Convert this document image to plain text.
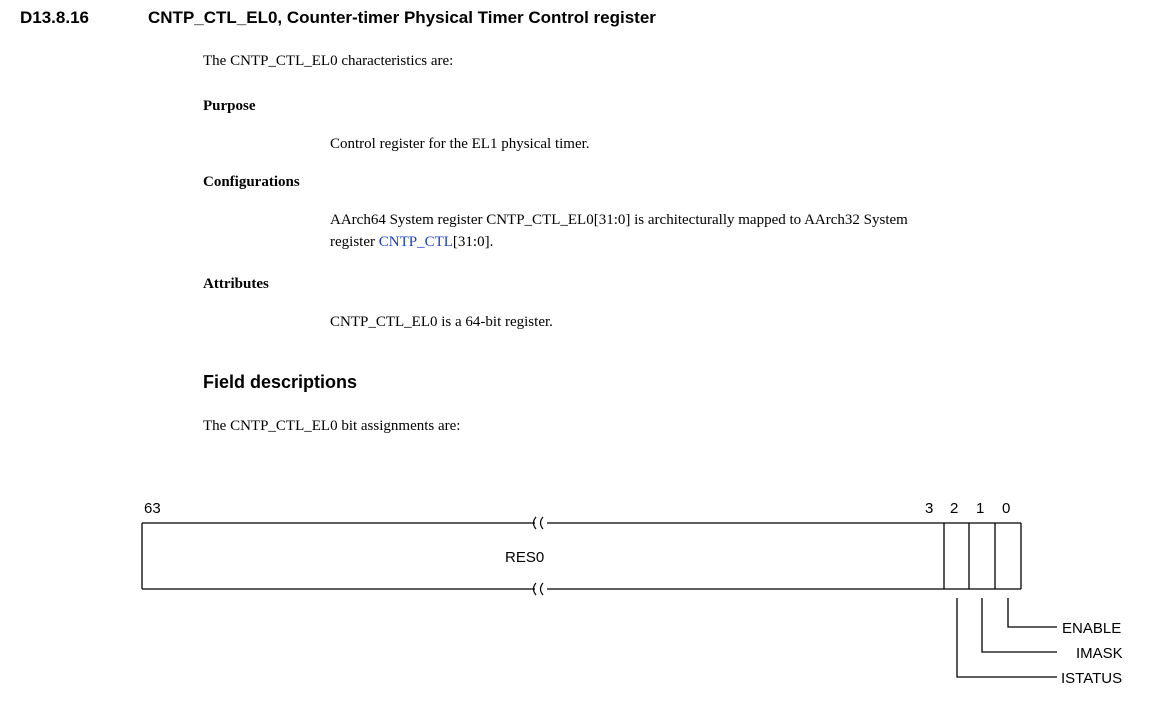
D13.8.16	CNTP_CTL_EL0, Counter-timer Physical Timer Control register
The CNTP_CTL_EL0 characteristics are:
Purpose
Control register for the EL1 physical timer.
Configurations
AArch64 System register CNTP_CTL_EL0[31:0] is architecturally mapped to AArch32 System
register CNTP_CTL[31:0].
Attributes
CNTP_CTL_EL0 is a 64-bit register.
Field descriptions
The CNTP_CTL_EL0 bit assignments are:
63	3 2 1 0
RES0
ENABLE
IMASK
ISTATUS
